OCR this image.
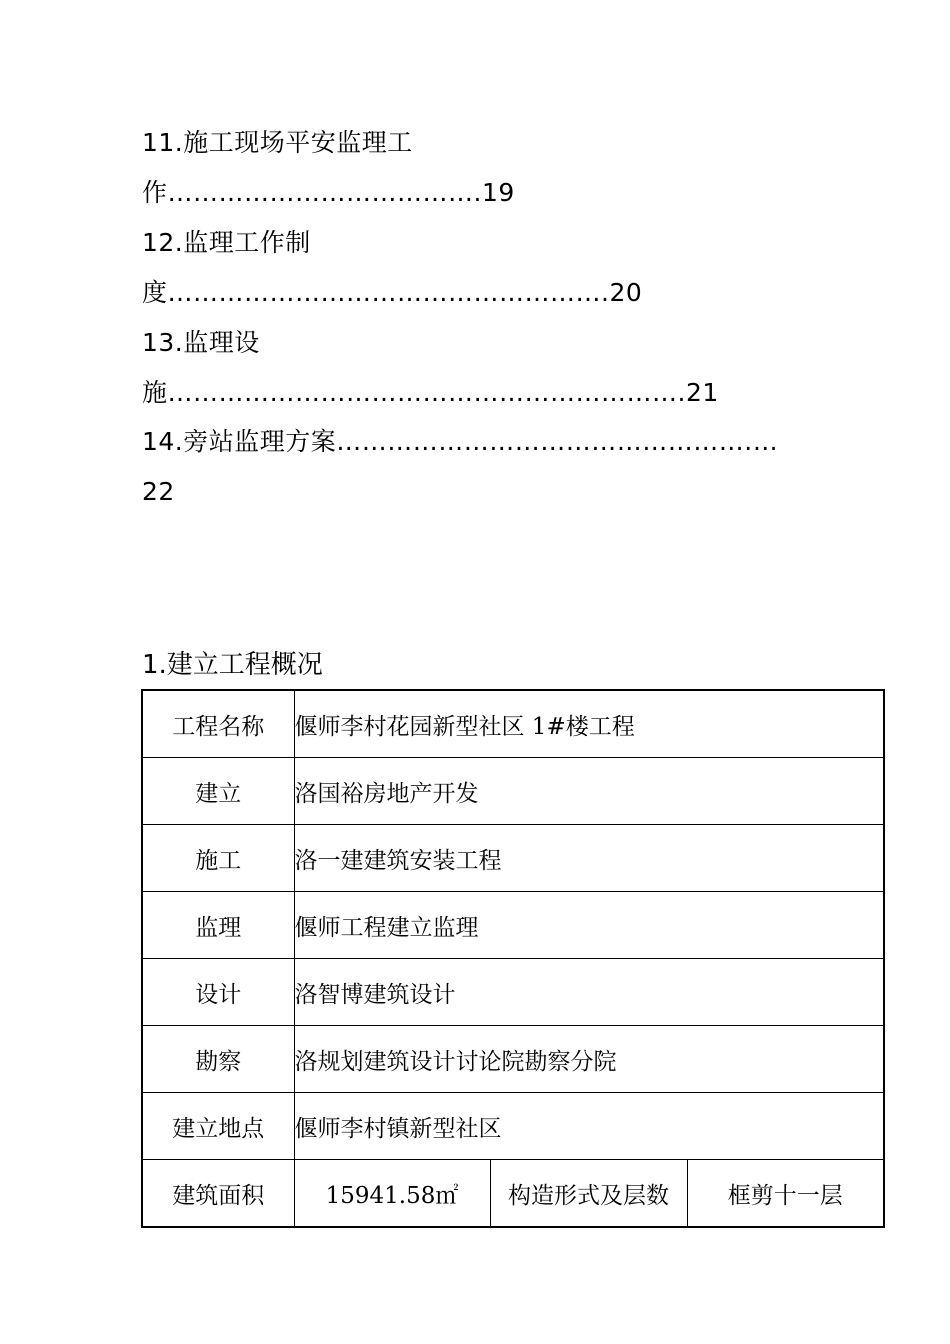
11.施工现场平安监理工
作……………………………….19
12.监理工作制
度…………………………………………….20
13.监理设
施…………………………………………………….21
14.旁站监理方案………………………………………….…
22
1.建立工程概况
工程名称	偃师李村花园新型社区 1#楼工程		
建立	洛国裕房地产开发		
施工	洛一建建筑安装工程		
监理	偃师工程建立监理		
设计	洛智博建筑设计		
勘察	洛规划建筑设计讨论院勘察分院		
建立地点	偃师李村镇新型社区		
建筑面积	15941.58㎡	构造形式及层数	框剪十一层
